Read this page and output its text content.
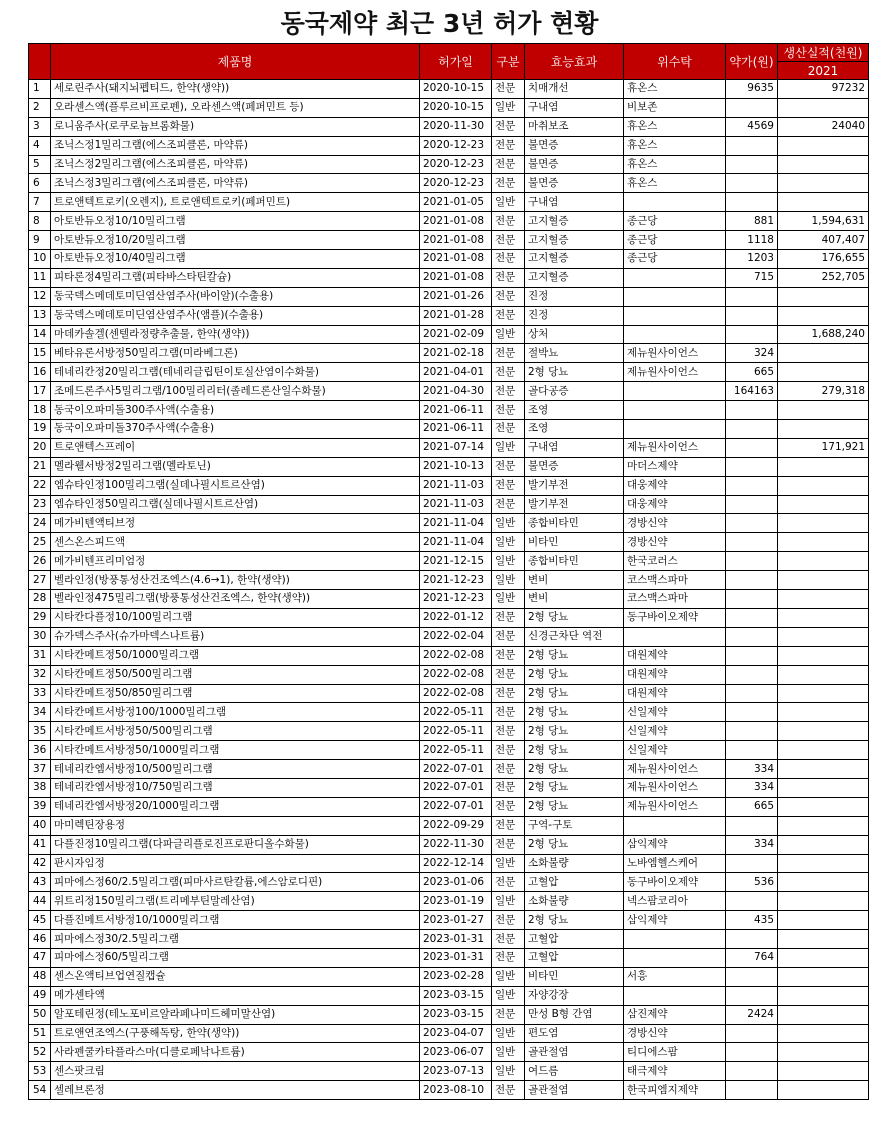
동국제약 최근 3년 허가 현황
	제품명	허가일	구분	효능효과	위수탁	약가(원)	생산실적(천원)
							2021
1	세로린주사(돼지뇌펩티드, 한약(생약))	2020-10-15	전문	치매개선	휴온스	9635	97232
2	오라센스액(플루르비프로펜), 오라센스액(페퍼민트 등)	2020-10-15	일반	구내염	비보존		
3	로니움주사(로쿠로늄브롬화물)	2020-11-30	전문	마취보조	휴온스	4569	24040
4	조닉스정1밀리그램(에스조피클론, 마약류)	2020-12-23	전문	불면증	휴온스		
5	조닉스정2밀리그램(에스조피클론, 마약류)	2020-12-23	전문	불면증	휴온스		
6	조닉스정3밀리그램(에스조피클론, 마약류)	2020-12-23	전문	불면증	휴온스		
7	트로앤텍트로키(오렌지), 트로앤텍트로키(페퍼민트)	2021-01-05	일반	구내염			
8	아토반듀오정10/10밀리그램	2021-01-08	전문	고지혈증	종근당	881	1,594,631
9	아토반듀오정10/20밀리그램	2021-01-08	전문	고지혈증	종근당	1118	407,407
10	아토반듀오정10/40밀리그램	2021-01-08	전문	고지혈증	종근당	1203	176,655
11	피타론정4밀리그램(피타바스타틴칼슘)	2021-01-08	전문	고지혈증		715	252,705
12	동국덱스메데토미딘염산염주사(바이알)(수출용)	2021-01-26	전문	진정			
13	동국덱스메데토미딘염산염주사(앰플)(수출용)	2021-01-28	전문	진정			
14	마데카솔겔(센텔라정량추출물, 한약(생약))	2021-02-09	일반	상처			1,688,240
15	베타유론서방정50밀리그램(미라베그론)	2021-02-18	전문	절박뇨	제뉴원사이언스	324	
16	테네리칸정20밀리그램(테네리글립틴이토실산염이수화물)	2021-04-01	전문	2형 당뇨	제뉴원사이언스	665	
17	조메드론주사5밀리그램/100밀리리터(졸레드론산일수화물)	2021-04-30	전문	골다공증		164163	279,318
18	동국이오파미돌300주사액(수출용)	2021-06-11	전문	조영			
19	동국이오파미돌370주사액(수출용)	2021-06-11	전문	조영			
20	트로앤텍스프레이	2021-07-14	일반	구내염	제뉴원사이언스		171,921
21	멜라웰서방정2밀리그램(멜라토닌)	2021-10-13	전문	불면증	마더스제약		
22	엠슈타인정100밀리그램(실데나필시트르산염)	2021-11-03	전문	발기부전	대웅제약		
23	엠슈타인정50밀리그램(실데나필시트르산염)	2021-11-03	전문	발기부전	대웅제약		
24	메가비텐액티브정	2021-11-04	일반	종합비타민	경방신약		
25	센스온스피드액	2021-11-04	일반	비타민	경방신약		
26	메가비텐프리미엄정	2021-12-15	일반	종합비타민	한국코러스		
27	벨라인정(방풍통성산건조엑스(4.6→1), 한약(생약))	2021-12-23	일반	변비	코스맥스파마		
28	벨라인정475밀리그램(방풍통성산건조엑스, 한약(생약))	2021-12-23	일반	변비	코스맥스파마		
29	시타칸다플정10/100밀리그램	2022-01-12	전문	2형 당뇨	동구바이오제약		
30	슈가덱스주사(슈가마덱스나트륨)	2022-02-04	전문	신경근차단 역전			
31	시타칸메트정50/1000밀리그램	2022-02-08	전문	2형 당뇨	대원제약		
32	시타칸메트정50/500밀리그램	2022-02-08	전문	2형 당뇨	대원제약		
33	시타칸메트정50/850밀리그램	2022-02-08	전문	2형 당뇨	대원제약		
34	시타칸메트서방정100/1000밀리그램	2022-05-11	전문	2형 당뇨	신일제약		
35	시타칸메트서방정50/500밀리그램	2022-05-11	전문	2형 당뇨	신일제약		
36	시타칸메트서방정50/1000밀리그램	2022-05-11	전문	2형 당뇨	신일제약		
37	테네리칸엠서방정10/500밀리그램	2022-07-01	전문	2형 당뇨	제뉴원사이언스	334	
38	테네리칸엠서방정10/750밀리그램	2022-07-01	전문	2형 당뇨	제뉴원사이언스	334	
39	테네리칸엠서방정20/1000밀리그램	2022-07-01	전문	2형 당뇨	제뉴원사이언스	665	
40	마미렉틴장용정	2022-09-29	전문	구역-구토			
41	다플진정10밀리그램(다파글리플로진프로판디올수화물)	2022-11-30	전문	2형 당뇨	삼익제약	334	
42	판시자임정	2022-12-14	일반	소화불량	노바엠헬스케어		
43	피마에스정60/2.5밀리그램(피마사르탄칼륨,에스암로디핀)	2023-01-06	전문	고혈압	동구바이오제약	536	
44	위트리정150밀리그램(트리메부틴말레산염)	2023-01-19	일반	소화불량	넥스팜코리아		
45	다플진메트서방정10/1000밀리그램	2023-01-27	전문	2형 당뇨	삼익제약	435	
46	피마에스정30/2.5밀리그램	2023-01-31	전문	고혈압			
47	피마에스정60/5밀리그램	2023-01-31	전문	고혈압		764	
48	센스온액티브업연질캡슐	2023-02-28	일반	비타민	서흥		
49	메가센타액	2023-03-15	일반	자양강장			
50	알포테린정(테노포비르알라페나미드헤미말산염)	2023-03-15	전문	만성 B형 간염	삼진제약	2424	
51	트로앤연조엑스(구풍해독탕, 한약(생약))	2023-04-07	일반	편도염	경방신약		
52	사라펜쿨카타플라스마(디클로페낙나트륨)	2023-06-07	일반	골관절염	티디에스팜		
53	센스팟크림	2023-07-13	일반	여드름	태극제약		
54	셀레브론정	2023-08-10	전문	골관절염	한국피엠지제약		
